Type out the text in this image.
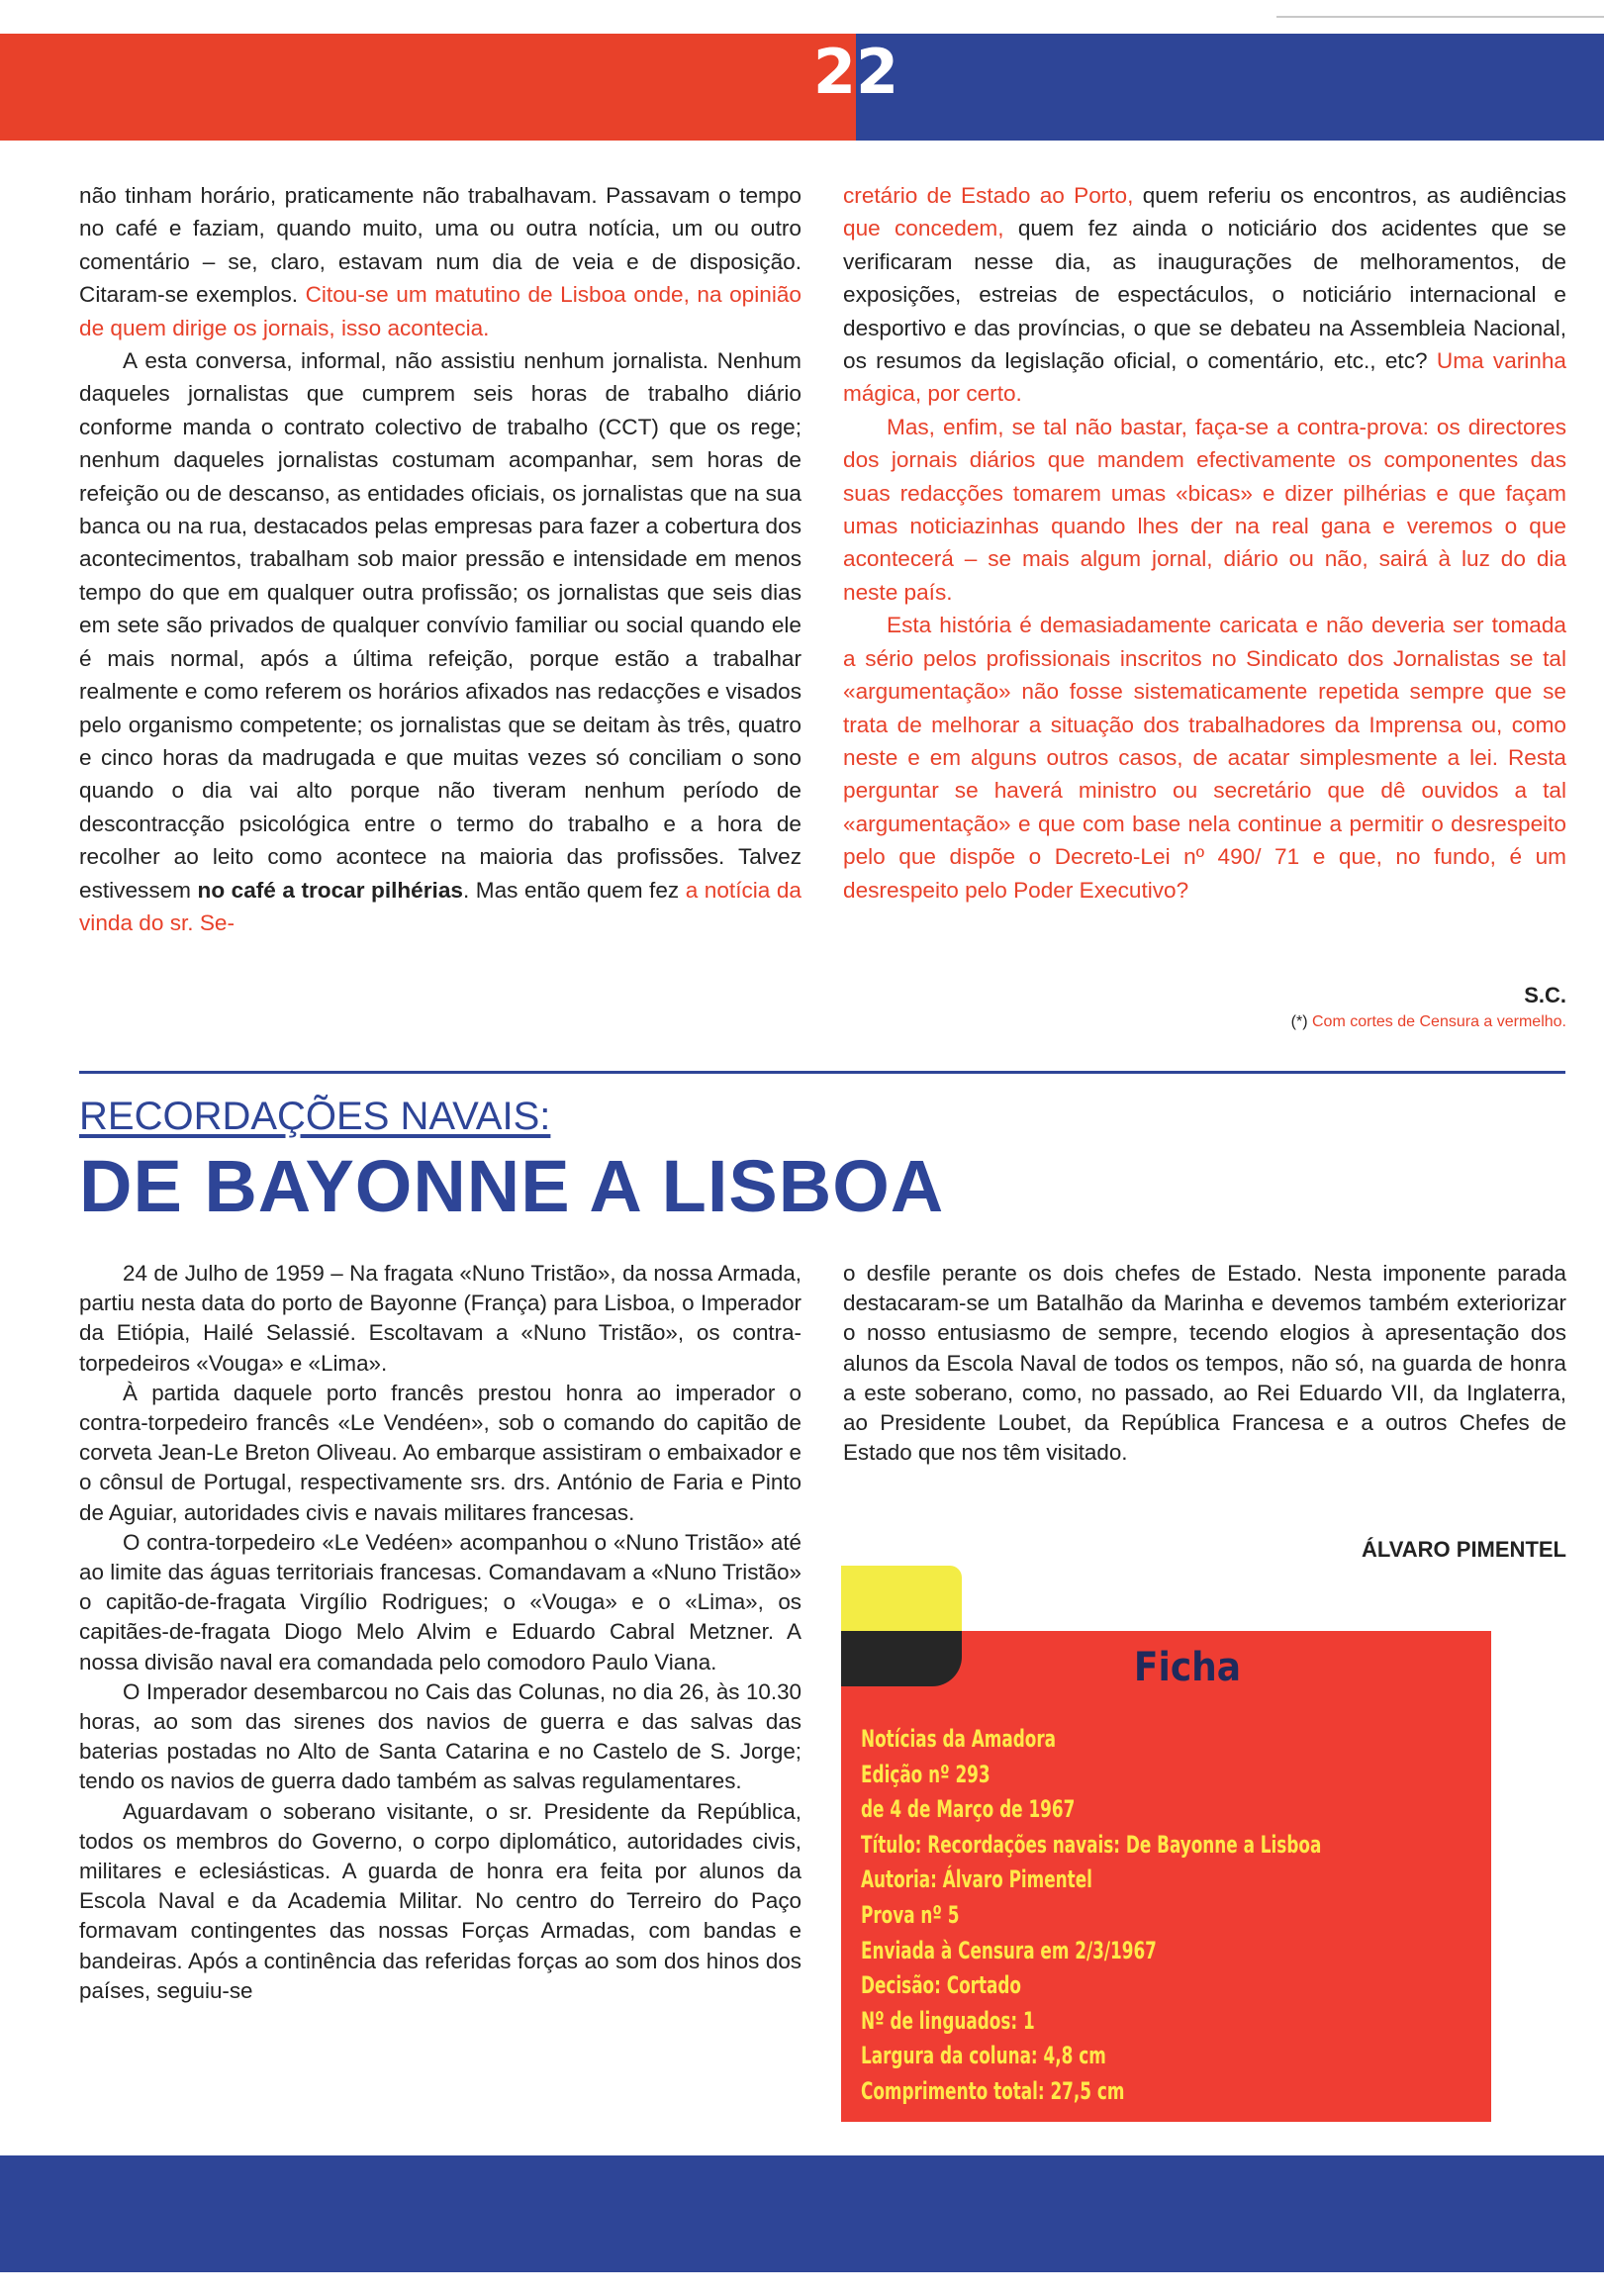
22

não tinham horário, praticamente não trabalhavam. Passavam o tempo no café e faziam, quando muito, uma ou outra notícia, um ou outro comentário – se, claro, estavam num dia de veia e de disposição. Citaram-se exemplos. Citou-se um matutino de Lisboa onde, na opinião de quem dirige os jornais, isso acontecia.

A esta conversa, informal, não assistiu nenhum jornalista. Nenhum daqueles jornalistas que cumprem seis horas de trabalho diário conforme manda o contrato colectivo de trabalho (CCT) que os rege; nenhum daqueles jornalistas costumam acompanhar, sem horas de refeição ou de descanso, as entidades oficiais, os jornalistas que na sua banca ou na rua, destacados pelas empresas para fazer a cobertura dos acontecimentos, trabalham sob maior pressão e intensidade em menos tempo do que em qualquer outra profissão; os jornalistas que seis dias em sete são privados de qualquer convívio familiar ou social quando ele é mais normal, após a última refeição, porque estão a trabalhar realmente e como referem os horários afixados nas redacções e visados pelo organismo competente; os jornalistas que se deitam às três, quatro e cinco horas da madrugada e que muitas vezes só conciliam o sono quando o dia vai alto porque não tiveram nenhum período de descontracção psicológica entre o termo do trabalho e a hora de recolher ao leito como acontece na maioria das profissões. Talvez estivessem no café a trocar pilhérias. Mas então quem fez a notícia da vinda do sr. Se-

cretário de Estado ao Porto, quem referiu os encontros, as audiências que concedem, quem fez ainda o noticiário dos acidentes que se verificaram nesse dia, as inaugurações de melhoramentos, de exposições, estreias de espectáculos, o noticiário internacional e desportivo e das províncias, o que se debateu na Assembleia Nacional, os resumos da legislação oficial, o comentário, etc., etc? Uma varinha mágica, por certo.

Mas, enfim, se tal não bastar, faça-se a contra-prova: os directores dos jornais diários que mandem efectivamente os componentes das suas redacções tomarem umas «bicas» e dizer pilhérias e que façam umas noticiazinhas quando lhes der na real gana e veremos o que acontecerá – se mais algum jornal, diário ou não, sairá à luz do dia neste país.

Esta história é demasiadamente caricata e não deveria ser tomada a sério pelos profissionais inscritos no Sindicato dos Jornalistas se tal «argumentação» não fosse sistematicamente repetida sempre que se trata de melhorar a situação dos trabalhadores da Imprensa ou, como neste e em alguns outros casos, de acatar simplesmente a lei. Resta perguntar se haverá ministro ou secretário que dê ouvidos a tal «argumentação» e que com base nela continue a permitir o desrespeito pelo que dispõe o Decreto-Lei nº 490/ 71 e que, no fundo, é um desrespeito pelo Poder Executivo?

S.C.
(*) Com cortes de Censura a vermelho.
RECORDAÇÕES NAVAIS:
DE BAYONNE A LISBOA

24 de Julho de 1959 – Na fragata «Nuno Tristão», da nossa Armada, partiu nesta data do porto de Bayonne (França) para Lisboa, o Imperador da Etiópia, Hailé Selassié. Escoltavam a «Nuno Tristão», os contra-torpedeiros «Vouga» e «Lima».

À partida daquele porto francês prestou honra ao imperador o contra-torpedeiro francês «Le Vendéen», sob o comando do capitão de corveta Jean-Le Breton Oliveau. Ao embarque assistiram o embaixador e o cônsul de Portugal, respectivamente srs. drs. António de Faria e Pinto de Aguiar, autoridades civis e navais militares francesas.

O contra-torpedeiro «Le Vedéen» acompanhou o «Nuno Tristão» até ao limite das águas territoriais francesas. Comandavam a «Nuno Tristão» o capitão-de-fragata Virgílio Rodrigues; o «Vouga» e o «Lima», os capitães-de-fragata Diogo Melo Alvim e Eduardo Cabral Metzner. A nossa divisão naval era comandada pelo comodoro Paulo Viana.

O Imperador desembarcou no Cais das Colunas, no dia 26, às 10.30 horas, ao som das sirenes dos navios de guerra e das salvas das baterias postadas no Alto de Santa Catarina e no Castelo de S. Jorge; tendo os navios de guerra dado também as salvas regulamentares.

Aguardavam o soberano visitante, o sr. Presidente da República, todos os membros do Governo, o corpo diplomático, autoridades civis, militares e eclesiásticas. A guarda de honra era feita por alunos da Escola Naval e da Academia Militar. No centro do Terreiro do Paço formavam contingentes das nossas Forças Armadas, com bandas e bandeiras. Após a continência das referidas forças ao som dos hinos dos países, seguiu-se

o desfile perante os dois chefes de Estado. Nesta imponente parada destacaram-se um Batalhão da Marinha e devemos também exteriorizar o nosso entusiasmo de sempre, tecendo elogios à apresentação dos alunos da Escola Naval de todos os tempos, não só, na guarda de honra a este soberano, como, no passado, ao Rei Eduardo VII, da Inglaterra, ao Presidente Loubet, da República Francesa e a outros Chefes de Estado que nos têm visitado.

ÁLVARO PIMENTEL
Ficha
Notícias da Amadora
Edição nº 293
de 4 de Março de 1967
Título: Recordações navais: De Bayonne a Lisboa
Autoria: Álvaro Pimentel
Prova nº 5
Enviada à Censura em 2/3/1967
Decisão: Cortado
Nº de linguados: 1
Largura da coluna: 4,8 cm
Comprimento total: 27,5 cm
